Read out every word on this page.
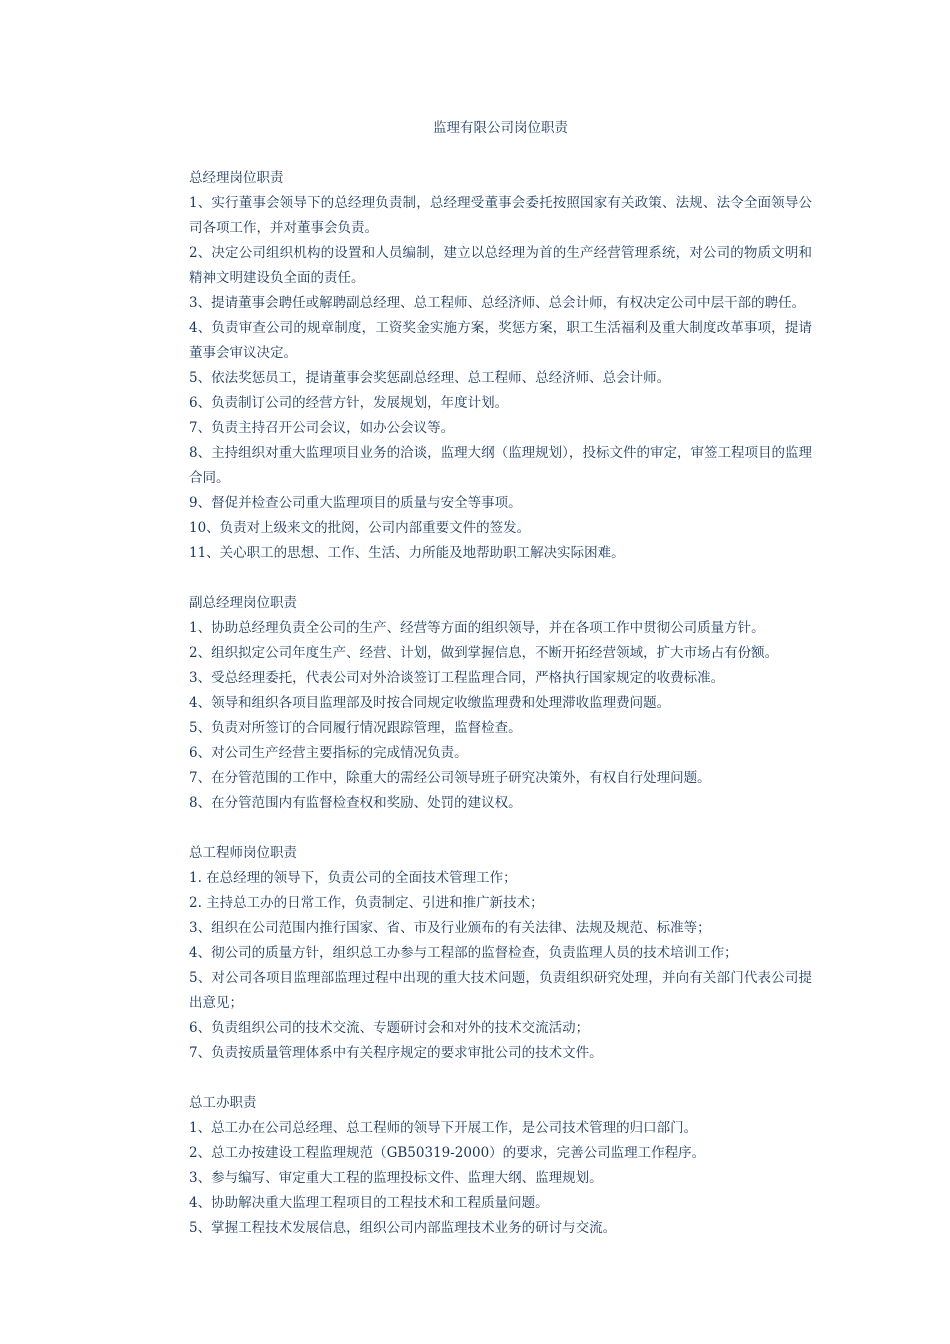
监理有限公司岗位职责
总经理岗位职责
1、实行董事会领导下的总经理负责制，总经理受董事会委托按照国家有关政策、法规、法令全面领导公司各项工作，并对董事会负责。
2、决定公司组织机构的设置和人员编制，建立以总经理为首的生产经营管理系统，对公司的物质文明和精神文明建设负全面的责任。
3、提请董事会聘任或解聘副总经理、总工程师、总经济师、总会计师，有权决定公司中层干部的聘任。
4、负责审查公司的规章制度，工资奖金实施方案，奖惩方案，职工生活福利及重大制度改革事项，提请董事会审议决定。
5、依法奖惩员工，提请董事会奖惩副总经理、总工程师、总经济师、总会计师。
6、负责制订公司的经营方针，发展规划，年度计划。
7、负责主持召开公司会议，如办公会议等。
8、主持组织对重大监理项目业务的洽谈，监理大纲（监理规划），投标文件的审定，审签工程项目的监理合同。
9、督促并检查公司重大监理项目的质量与安全等事项。
10、负责对上级来文的批阅，公司内部重要文件的签发。
11、关心职工的思想、工作、生活、力所能及地帮助职工解决实际困难。
副总经理岗位职责
1、协助总经理负责全公司的生产、经营等方面的组织领导，并在各项工作中贯彻公司质量方针。
2、组织拟定公司年度生产、经营、计划，做到掌握信息，不断开拓经营领域，扩大市场占有份额。
3、受总经理委托，代表公司对外洽谈签订工程监理合同，严格执行国家规定的收费标准。
4、领导和组织各项目监理部及时按合同规定收缴监理费和处理滞收监理费问题。
5、负责对所签订的合同履行情况跟踪管理，监督检查。
6、对公司生产经营主要指标的完成情况负责。
7、在分管范围的工作中，除重大的需经公司领导班子研究决策外，有权自行处理问题。
8、在分管范围内有监督检查权和奖励、处罚的建议权。
总工程师岗位职责
1. 在总经理的领导下，负责公司的全面技术管理工作；
2. 主持总工办的日常工作，负责制定、引进和推广新技术；
3、组织在公司范围内推行国家、省、市及行业颁布的有关法律、法规及规范、标准等；
4、彻公司的质量方针，组织总工办参与工程部的监督检查，负责监理人员的技术培训工作；
5、对公司各项目监理部监理过程中出现的重大技术问题，负责组织研究处理，并向有关部门代表公司提出意见；
6、负责组织公司的技术交流、专题研讨会和对外的技术交流活动；
7、负责按质量管理体系中有关程序规定的要求审批公司的技术文件。
总工办职责
1、总工办在公司总经理、总工程师的领导下开展工作，是公司技术管理的归口部门。
2、总工办按建设工程监理规范（GB50319-2000）的要求，完善公司监理工作程序。
3、参与编写、审定重大工程的监理投标文件、监理大纲、监理规划。
4、协助解决重大监理工程项目的工程技术和工程质量问题。
5、掌握工程技术发展信息，组织公司内部监理技术业务的研讨与交流。
